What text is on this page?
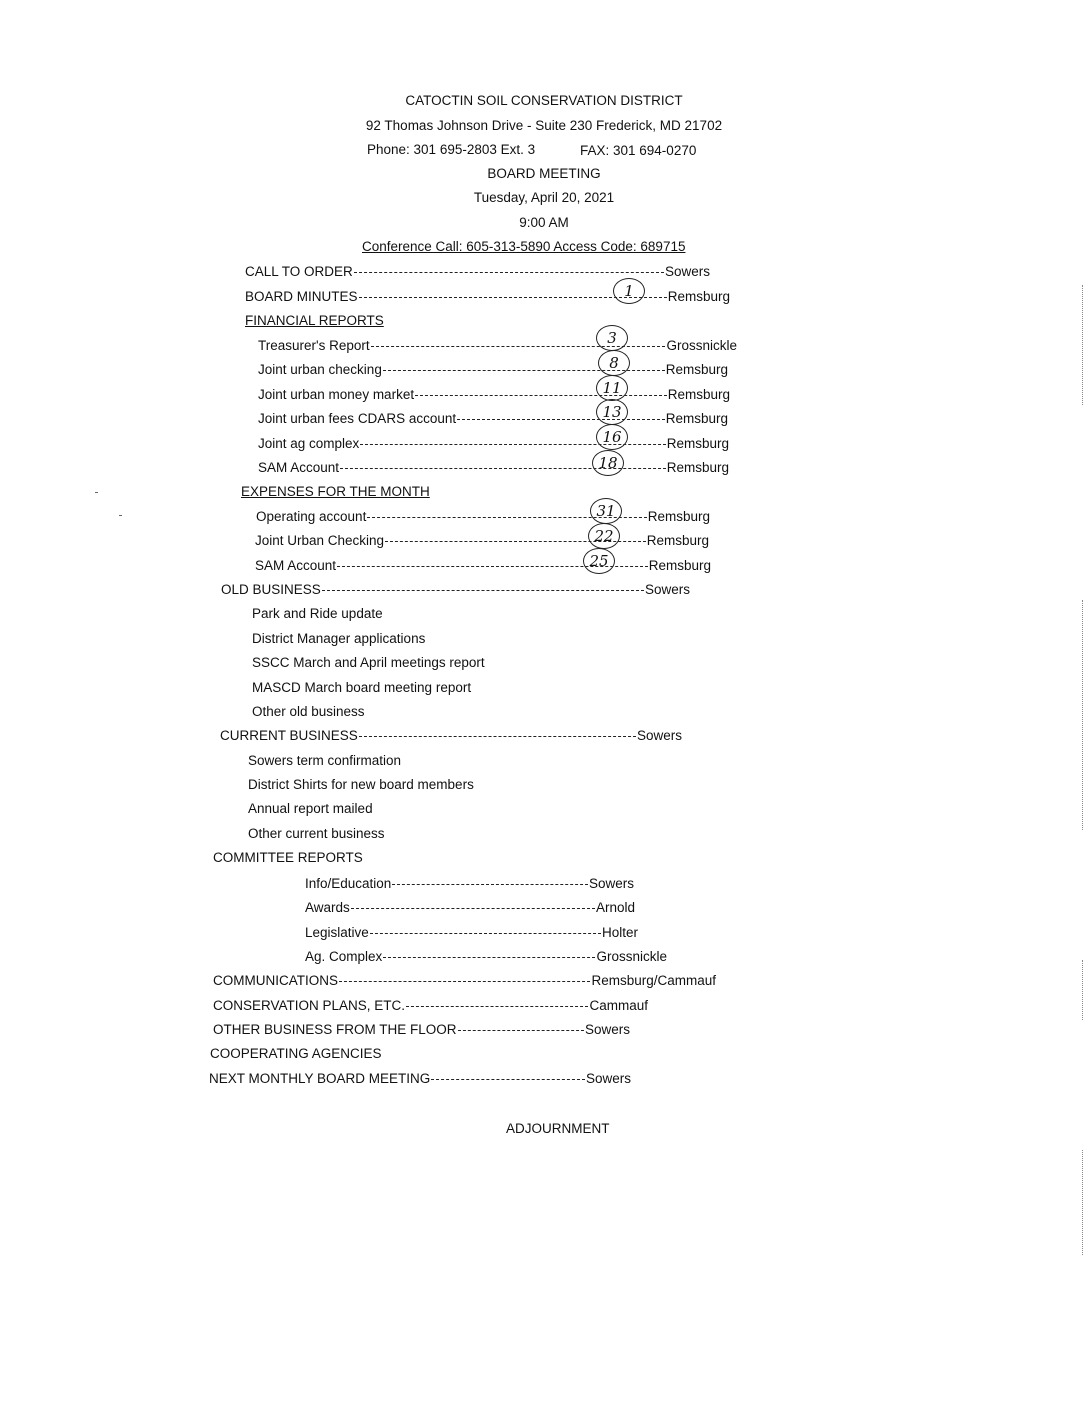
CATOCTIN SOIL CONSERVATION DISTRICT
92 Thomas Johnson Drive - Suite 230 Frederick, MD 21702
Phone: 301 695-2803 Ext. 3	FAX: 301 694-0270
BOARD MEETING
Tuesday, April 20, 2021
9:00 AM
Conference Call: 605-313-5890 Access Code: 689715
CALL TO ORDER	Sowers
BOARD MINUTES	Remsburg
1
FINANCIAL REPORTS
Treasurer's Report	Grossnickle
3
Joint urban checking	Remsburg
8
Joint urban money market	Remsburg
11
Joint urban fees CDARS account	Remsburg
13
Joint ag complex	Remsburg
16
SAM Account	Remsburg
18
EXPENSES FOR THE MONTH
Operating account	Remsburg
31
Joint Urban Checking	Remsburg
22
SAM Account	Remsburg
25
OLD BUSINESS	Sowers
Park and Ride update
District Manager applications
SSCC March and April meetings report
MASCD March board meeting report
Other old business
CURRENT BUSINESS	Sowers
Sowers term confirmation
District Shirts for new board members
Annual report mailed
Other current business
COMMITTEE REPORTS
Info/Education	Sowers
Awards	Arnold
Legislative	Holter
Ag. Complex	Grossnickle
COMMUNICATIONS	Remsburg/Cammauf
CONSERVATION PLANS, ETC.	Cammauf
OTHER BUSINESS FROM THE FLOOR	Sowers
COOPERATING AGENCIES
NEXT MONTHLY BOARD MEETING	Sowers
ADJOURNMENT
